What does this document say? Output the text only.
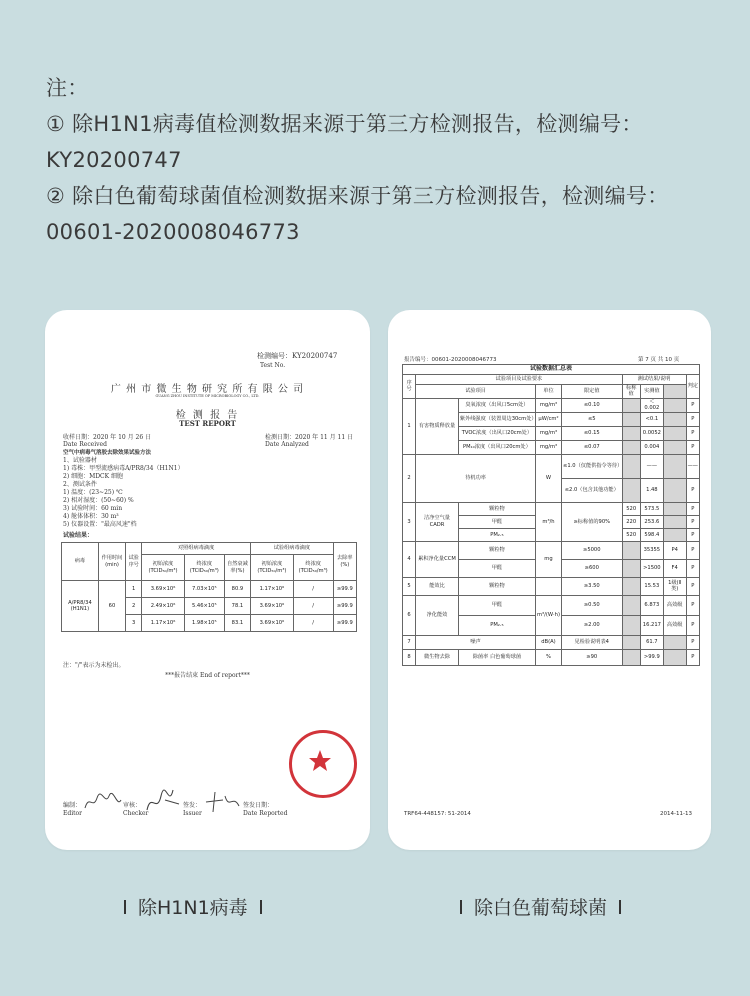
注：
① 除H1N1病毒值检测数据来源于第三方检测报告，检测编号：
KY20200747
② 除白色葡萄球菌值检测数据来源于第三方检测报告，检测编号：
00601-2020008046773
检测编号：KY20200747
Test No.
广 州 市 微 生 物 研 究 所 有 限 公 司
GUANG ZHOU INSTITUTE OF MICROBIOLOGY CO., LTD.
检 测 报 告
TEST REPORT
收样日期：2020 年 10 月 26 日
Date Received
检测日期：2020 年 11 月 11 日
Date Analyzed
空气中病毒气溶胶去除效果试验方法
1、试验器材
1) 毒株：甲型流感病毒A/PR8/34（H1N1）
2) 细胞：MDCK 细胞
2、测试条件
1) 温度：(23~25) ℃
2) 相对湿度：(50~60) %
3) 试验时间：60 min
4) 舱体体积：30 m³
5) 仪器设置："最高风速"档
试验结果：
病毒	作用时间(min)	试验序号	对照组病毒滴度			试验组病毒滴度		去除率(%)
			初始浓度(TCID₅₀/m³)	终浓度(TCID₅₀/m³)	自然衰减率(%)	初始浓度(TCID₅₀/m³)	终浓度(TCID₅₀/m³)	
A/PR8/34 (H1N1)	60	1	3.69×10⁶	7.03×10⁵	80.9	1.17×10⁶	/	≥99.9
		2	2.49×10⁶	5.46×10⁵	78.1	3.69×10⁶	/	≥99.9
		3	1.17×10⁶	1.98×10⁵	83.1	3.69×10⁶	/	≥99.9
注："/"表示为未检出。
***报告结束 End of report***
编制：
Editor
审核：
Checker
签发：
Issuer
签发日期：
Date Reported
报告编号：00601-2020008046773	第 7 页 共 10 页
试验数据汇总表								
序号	试验项目及试验要求				测试结果/说明			判定
	试验项目		单位	限定值	标称值	实测值		
1	有害物质释放量	臭氧浓度（出风口5cm处）	mg/m³	≤0.10		＜0.002		P
		紫外线强度（装置周边30cm处）	μW/cm²	≤5		<0.1		P
		TVOC浓度（出风口20cm处）	mg/m³	≤0.15		0.0052		P
		PM₁₀浓度（出风口20cm处）	mg/m³	≤0.07		0.004		P
2	待机功率		W	≤1.0（仅能供指令等待）		——		——
				≤2.0（包含其他功能）		1.48		P
3	洁净空气量CADR	颗粒物	m³/h	≥标称值的90%	520	573.5		P
		甲醛			220	253.6		P
		PM₂.₅			520	598.4		P
4	累积净化量CCM	颗粒物	mg	≥5000		35355	P4	P
		甲醛		≥600		>1500	F4	P
5	能效比	颗粒物		≥3.50		15.53	1级(Ⅱ类)	P
6	净化能效	甲醛	m³/(W·h)	≥0.50		6.873	高效级	P
		PM₂.₅		≥2.00		16.217	高效级	P
7	噪声		dB(A)	见检验说明表4		61.7		P
8	微生物去除	除菌率 白色葡萄球菌	%	≥90		>99.9		P
TRF64-448157: 51-2014	2014-11-13
除H1N1病毒	除白色葡萄球菌
